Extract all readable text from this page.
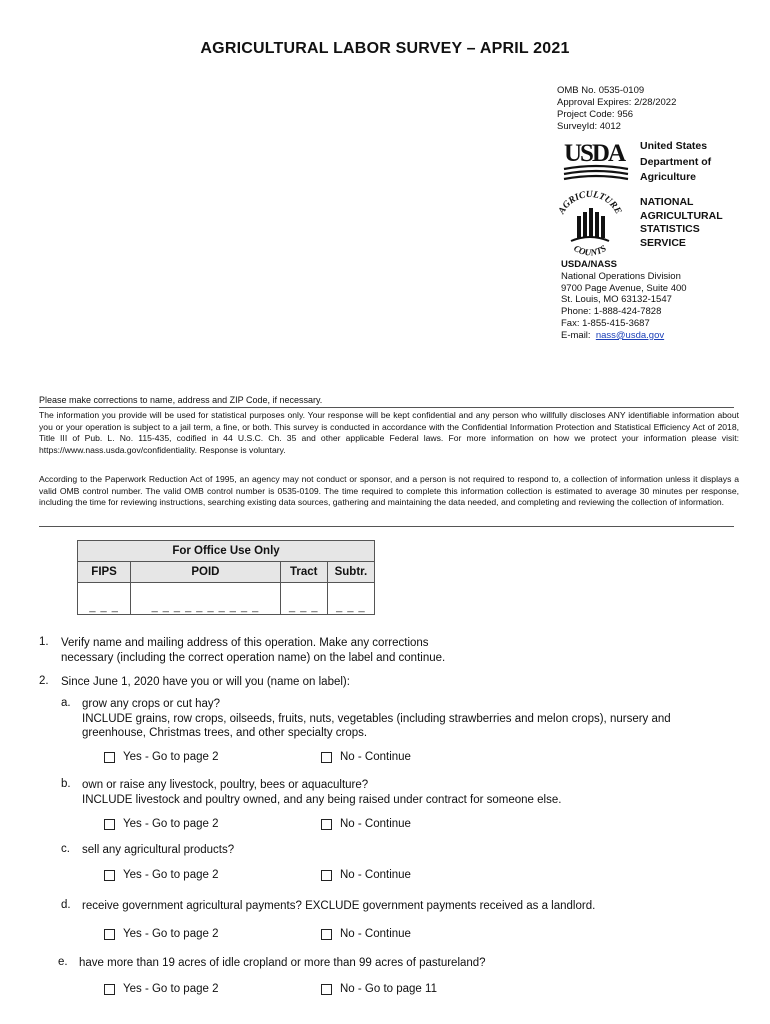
AGRICULTURAL LABOR SURVEY – APRIL 2021
OMB No. 0535-0109
Approval Expires: 2/28/2022
Project Code: 956
SurveyId: 4012
USDA United States
Department of
Agriculture
AGRICULTURE
COUNTS
NATIONAL
AGRICULTURAL
STATISTICS
SERVICE
USDA/NASS
National Operations Division
9700 Page Avenue, Suite 400
St. Louis, MO 63132-1547
Phone: 1-888-424-7828
Fax: 1-855-415-3687
E-mail:  nass@usda.gov
Please make corrections to name, address and ZIP Code, if necessary.
The information you provide will be used for statistical purposes only. Your response will be kept confidential and any person who willfully discloses ANY identifiable information about you or your operation is subject to a jail term, a fine, or both. This survey is conducted in accordance with the Confidential Information Protection and Statistical Efficiency Act of 2018, Title III of Pub. L. No. 115-435, codified in 44 U.S.C. Ch. 35 and other applicable Federal laws. For more information on how we protect your information please visit: https://www.nass.usda.gov/confidentiality. Response is voluntary.
According to the Paperwork Reduction Act of 1995, an agency may not conduct or sponsor, and a person is not required to respond to, a collection of information unless it displays a valid OMB control number. The valid OMB control number is 0535-0109. The time required to complete this information collection is estimated to average 30 minutes per response, including the time for reviewing instructions, searching existing data sources, gathering and maintaining the data needed, and completing and reviewing the collection of information.
For Office Use Only			
FIPS	POID	Tract	Subtr.
_ _ _	_ _ _ _ _ _ _ _ _ _	_ _ _	_ _ _
1. Verify name and mailing address of this operation. Make any corrections necessary (including the correct operation name) on the label and continue.
2. Since June 1, 2020 have you or will you (name on label):
a. grow any crops or cut hay?
INCLUDE grains, row crops, oilseeds, fruits, nuts, vegetables (including strawberries and melon crops), nursery and greenhouse, Christmas trees, and other specialty crops.
Yes - Go to page 2	No - Continue
b. own or raise any livestock, poultry, bees or aquaculture?
INCLUDE livestock and poultry owned, and any being raised under contract for someone else.
Yes - Go to page 2	No - Continue
c. sell any agricultural products?
Yes - Go to page 2	No - Continue
d. receive government agricultural payments? EXCLUDE government payments received as a landlord.
Yes - Go to page 2	No - Continue
e. have more than 19 acres of idle cropland or more than 99 acres of pastureland?
Yes - Go to page 2	No - Go to page 11
